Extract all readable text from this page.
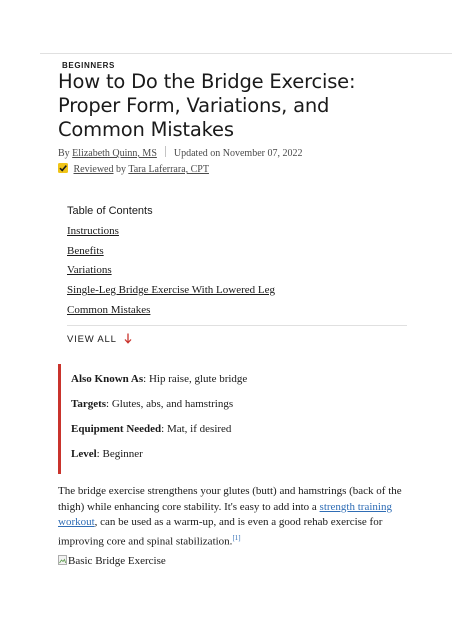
BEGINNERS
How to Do the Bridge Exercise: Proper Form, Variations, and Common Mistakes
By Elizabeth Quinn, MS Updated on November 07, 2022
Reviewed by Tara Laferrara, CPT
Table of Contents
Instructions
Benefits
Variations
Single-Leg Bridge Exercise With Lowered Leg
Common Mistakes
VIEW ALL
Also Known As: Hip raise, glute bridge
Targets: Glutes, abs, and hamstrings
Equipment Needed: Mat, if desired
Level: Beginner

The bridge exercise strengthens your glutes (butt) and hamstrings (back of the thigh) while enhancing core stability. It's easy to add into a strength training workout, can be used as a warm-up, and is even a good rehab exercise for improving core and spinal stabilization.[1]

Basic Bridge Exercise
